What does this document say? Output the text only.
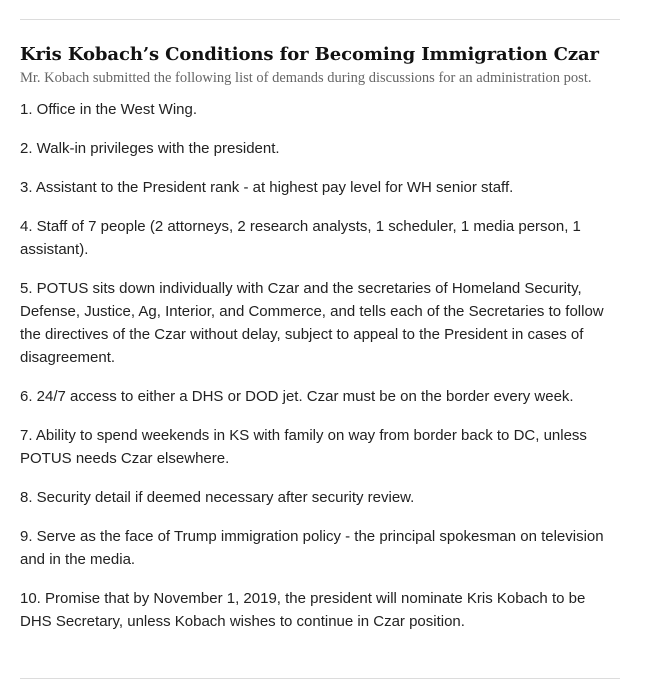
Kris Kobach’s Conditions for Becoming Immigration Czar

Mr. Kobach submitted the following list of demands during discussions for an administration post.

1. Office in the West Wing.
2. Walk-in privileges with the president.
3. Assistant to the President rank - at highest pay level for WH senior staff.
4. Staff of 7 people (2 attorneys, 2 research analysts, 1 scheduler, 1 media person, 1 assistant).
5. POTUS sits down individually with Czar and the secretaries of Homeland Security, Defense, Justice, Ag, Interior, and Commerce, and tells each of the Secretaries to follow the directives of the Czar without delay, subject to appeal to the President in cases of disagreement.
6. 24/7 access to either a DHS or DOD jet. Czar must be on the border every week.
7. Ability to spend weekends in KS with family on way from border back to DC, unless POTUS needs Czar elsewhere.
8. Security detail if deemed necessary after security review.
9. Serve as the face of Trump immigration policy - the principal spokesman on television and in the media.
10. Promise that by November 1, 2019, the president will nominate Kris Kobach to be DHS Secretary, unless Kobach wishes to continue in Czar position.
